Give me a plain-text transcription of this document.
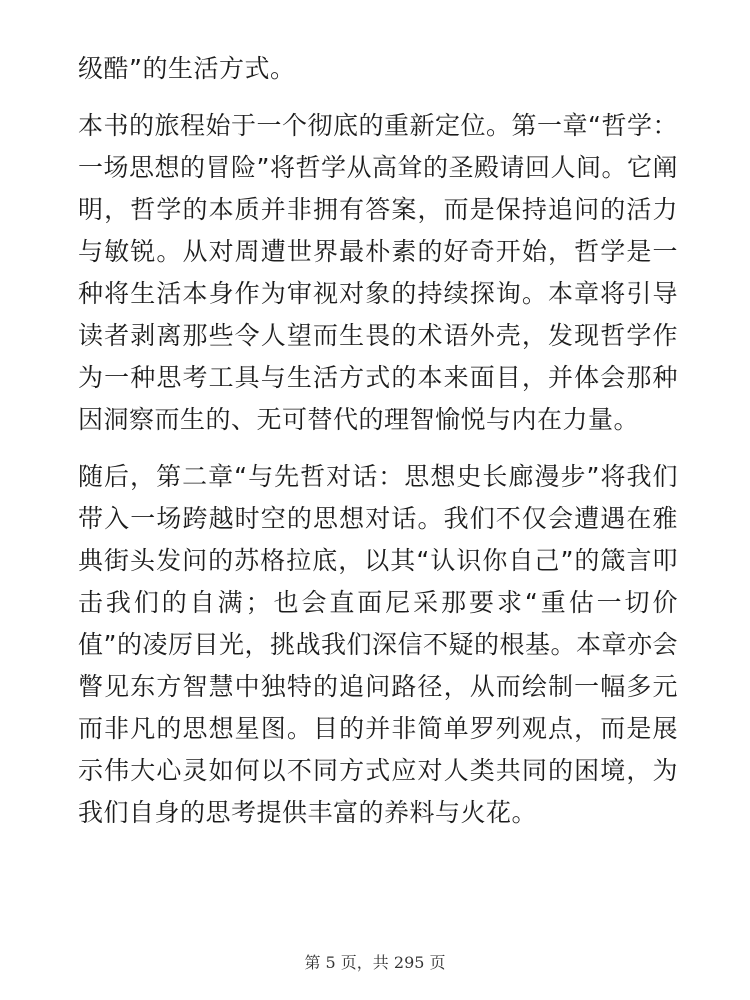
级酷”的生活方式。

本书的旅程始于一个彻底的重新定位。第一章“哲学：一场思想的冒险”将哲学从高耸的圣殿请回人间。它阐明，哲学的本质并非拥有答案，而是保持追问的活力与敏锐。从对周遭世界最朴素的好奇开始，哲学是一种将生活本身作为审视对象的持续探询。本章将引导读者剥离那些令人望而生畏的术语外壳，发现哲学作为一种思考工具与生活方式的本来面目，并体会那种因洞察而生的、无可替代的理智愉悦与内在力量。

随后，第二章“与先哲对话：思想史长廊漫步”将我们带入一场跨越时空的思想对话。我们不仅会遭遇在雅典街头发问的苏格拉底，以其“认识你自己”的箴言叩击我们的自满；也会直面尼采那要求“重估一切价值”的凌厉目光，挑战我们深信不疑的根基。本章亦会瞥见东方智慧中独特的追问路径，从而绘制一幅多元而非凡的思想星图。目的并非简单罗列观点，而是展示伟大心灵如何以不同方式应对人类共同的困境，为我们自身的思考提供丰富的养料与火花。

第 5 页，共 295 页
